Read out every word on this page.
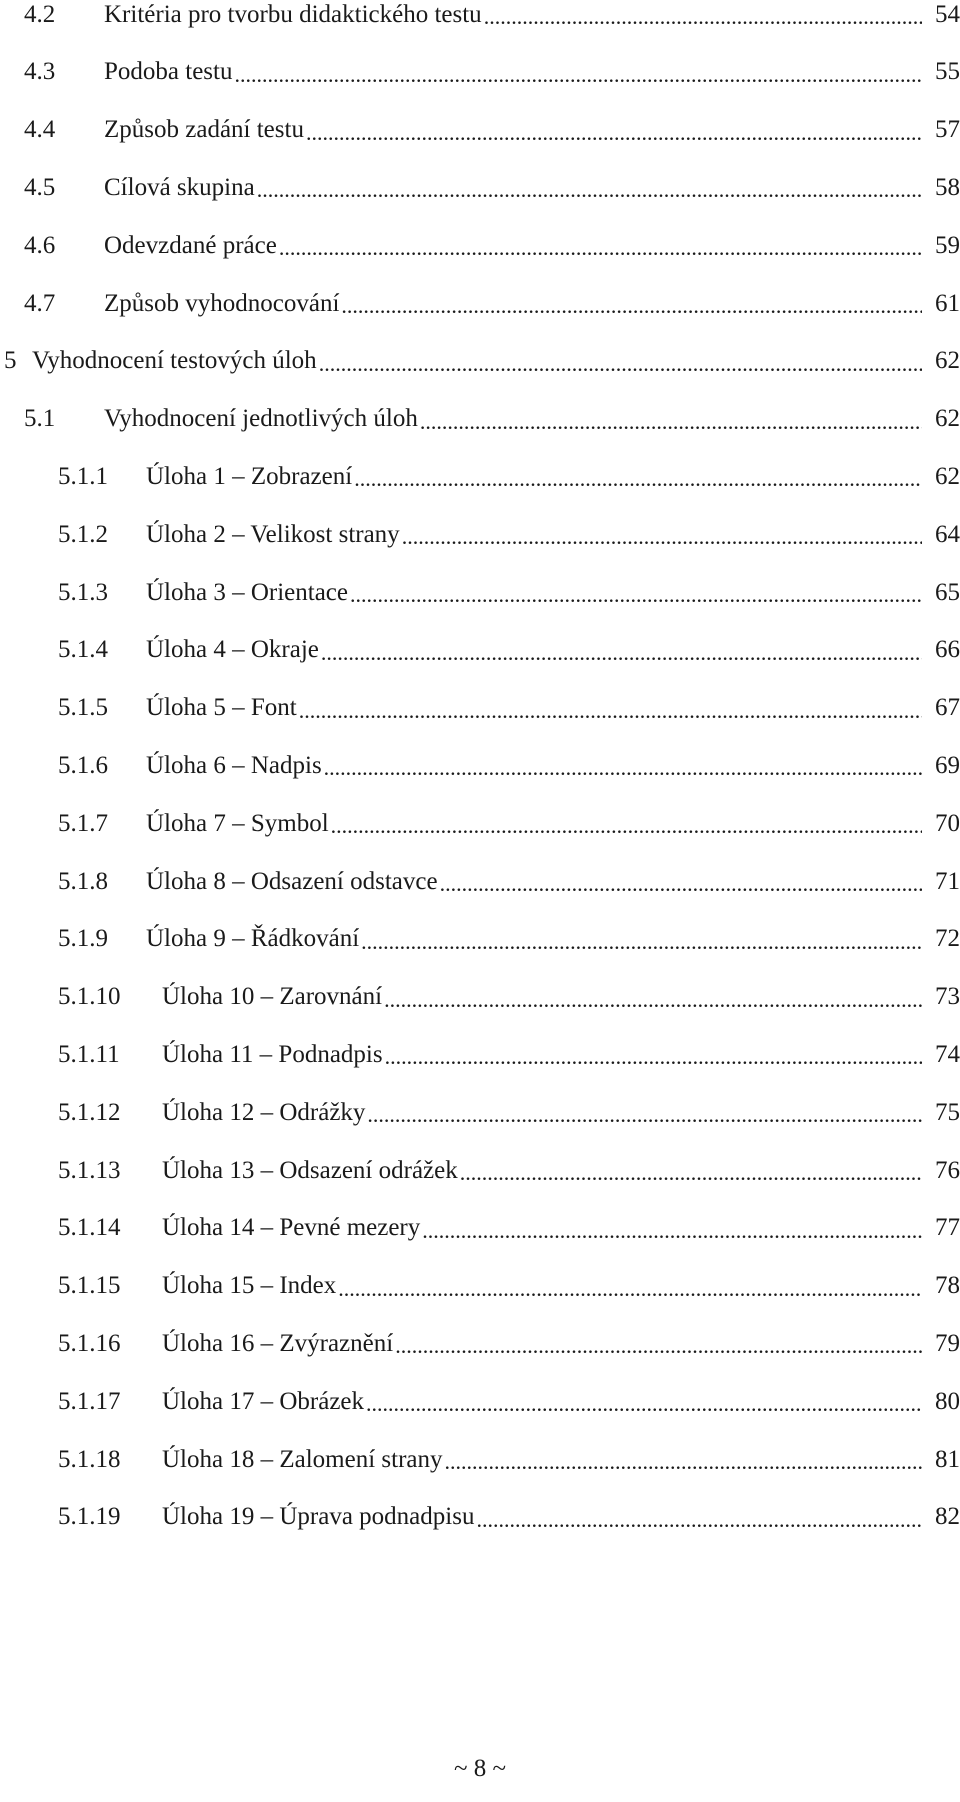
4.2	Kritéria pro tvorbu didaktického testu .....	54
4.3	Podoba testu .....	55
4.4	Způsob zadání testu .....	57
4.5	Cílová skupina .....	58
4.6	Odevzdané práce .....	59
4.7	Způsob vyhodnocování .....	61
5 Vyhodnocení testových úloh .....	62
5.1	Vyhodnocení jednotlivých úloh .....	62
5.1.1	Úloha 1 – Zobrazení .....	62
5.1.2	Úloha 2 – Velikost strany .....	64
5.1.3	Úloha 3 – Orientace .....	65
5.1.4	Úloha 4 – Okraje .....	66
5.1.5	Úloha 5 – Font .....	67
5.1.6	Úloha 6 – Nadpis .....	69
5.1.7	Úloha 7 – Symbol .....	70
5.1.8	Úloha 8 – Odsazení odstavce .....	71
5.1.9	Úloha 9 – Řádkování .....	72
5.1.10	Úloha 10 – Zarovnání .....	73
5.1.11	Úloha 11 – Podnadpis .....	74
5.1.12	Úloha 12 – Odrážky .....	75
5.1.13	Úloha 13 – Odsazení odrážek .....	76
5.1.14	Úloha 14 – Pevné mezery .....	77
5.1.15	Úloha 15 – Index .....	78
5.1.16	Úloha 16 – Zvýraznění .....	79
5.1.17	Úloha 17 – Obrázek .....	80
5.1.18	Úloha 18 – Zalomení strany .....	81
5.1.19	Úloha 19 – Úprava podnadpisu .....	82
~ 8 ~
